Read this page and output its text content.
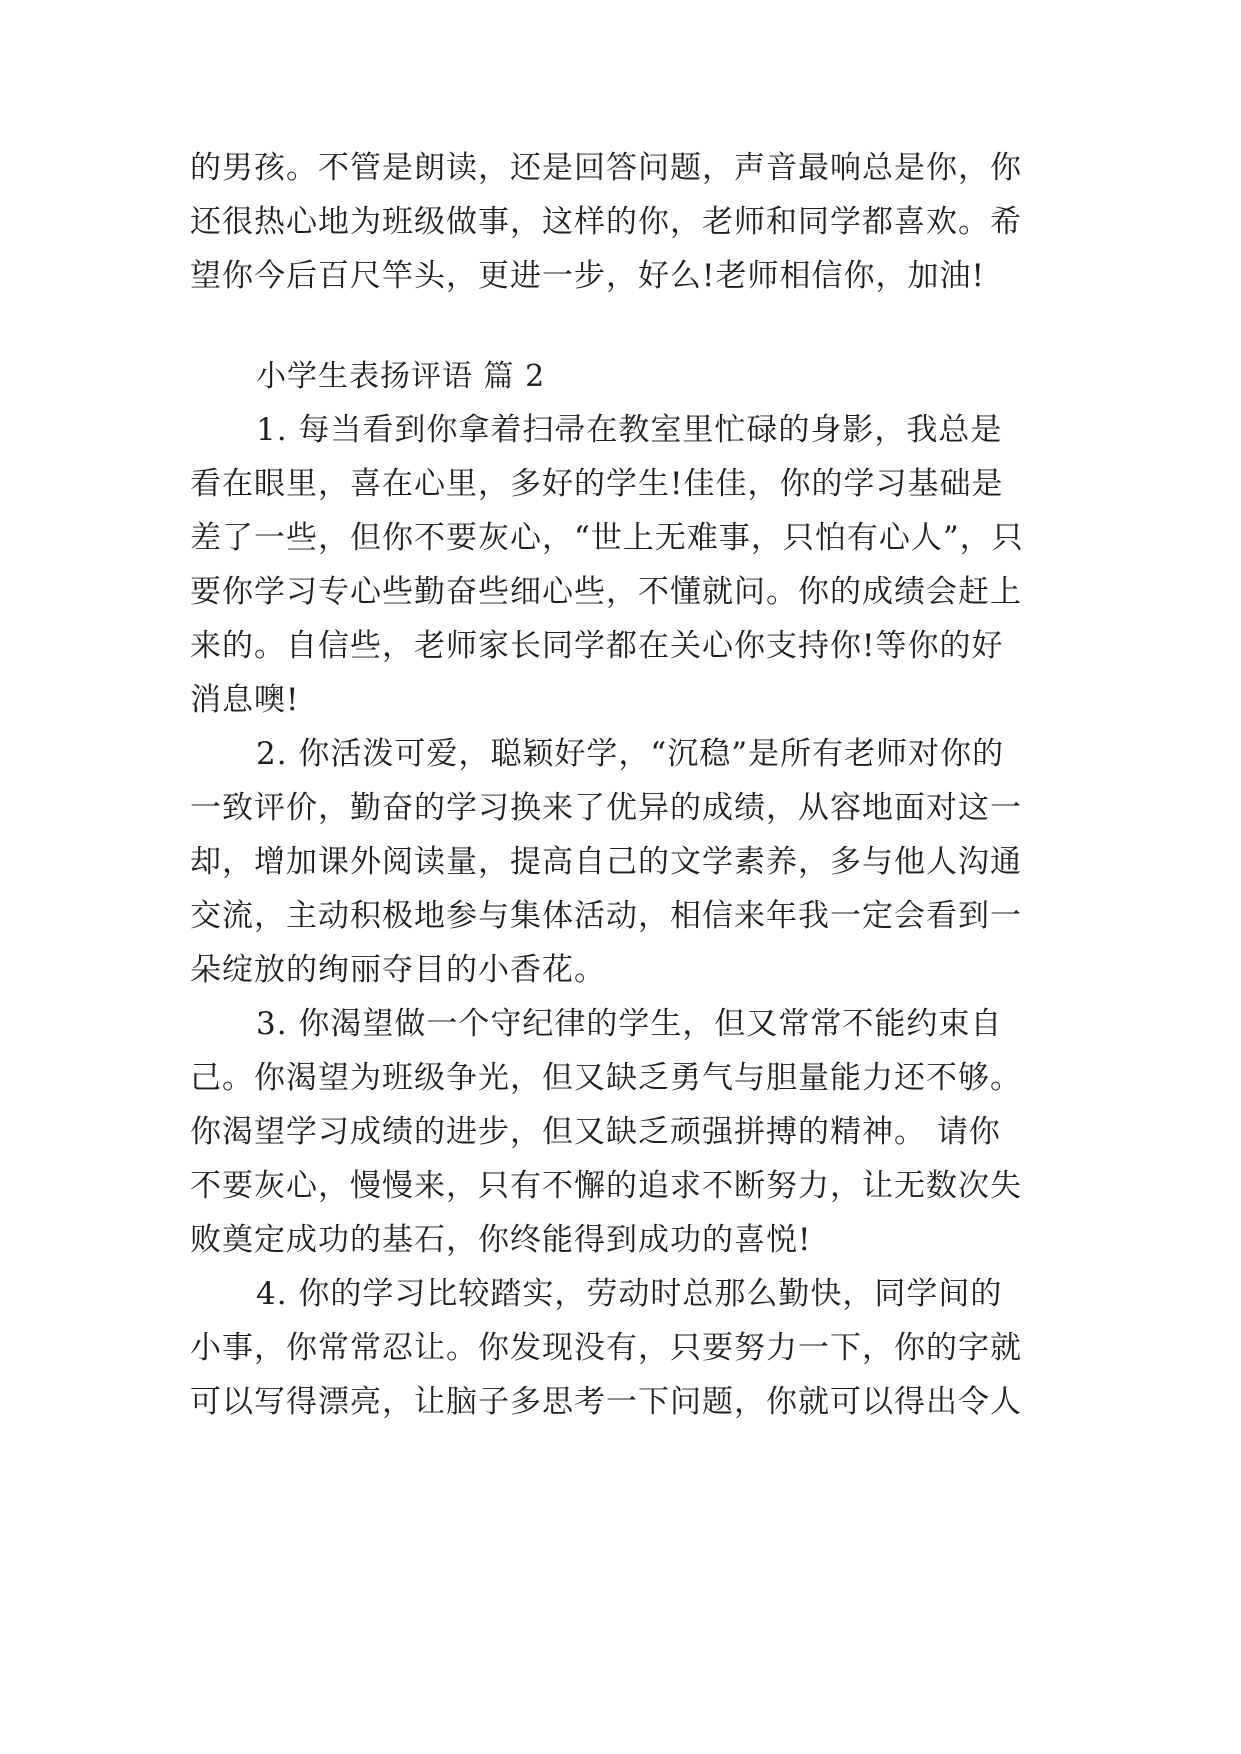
的男孩。不管是朗读，还是回答问题，声音最响总是你，你
还很热心地为班级做事，这样的你，老师和同学都喜欢。希
望你今后百尺竿头，更进一步，好么!老师相信你，加油!
小学生表扬评语 篇 2
1. 每当看到你拿着扫帚在教室里忙碌的身影，我总是
看在眼里，喜在心里，多好的学生!佳佳，你的学习基础是
差了一些，但你不要灰心，“世上无难事，只怕有心人”，只
要你学习专心些勤奋些细心些，不懂就问。你的成绩会赶上
来的。自信些，老师家长同学都在关心你支持你!等你的好
消息噢!
2. 你活泼可爱，聪颖好学，“沉稳”是所有老师对你的
一致评价，勤奋的学习换来了优异的成绩，从容地面对这一
却，增加课外阅读量，提高自己的文学素养，多与他人沟通
交流，主动积极地参与集体活动，相信来年我一定会看到一
朵绽放的绚丽夺目的小香花。
3. 你渴望做一个守纪律的学生，但又常常不能约束自
己。你渴望为班级争光，但又缺乏勇气与胆量能力还不够。
你渴望学习成绩的进步，但又缺乏顽强拼搏的精神。 请你
不要灰心，慢慢来，只有不懈的追求不断努力，让无数次失
败奠定成功的基石，你终能得到成功的喜悦!
4. 你的学习比较踏实，劳动时总那么勤快，同学间的
小事，你常常忍让。你发现没有，只要努力一下，你的字就
可以写得漂亮，让脑子多思考一下问题，你就可以得出令人
